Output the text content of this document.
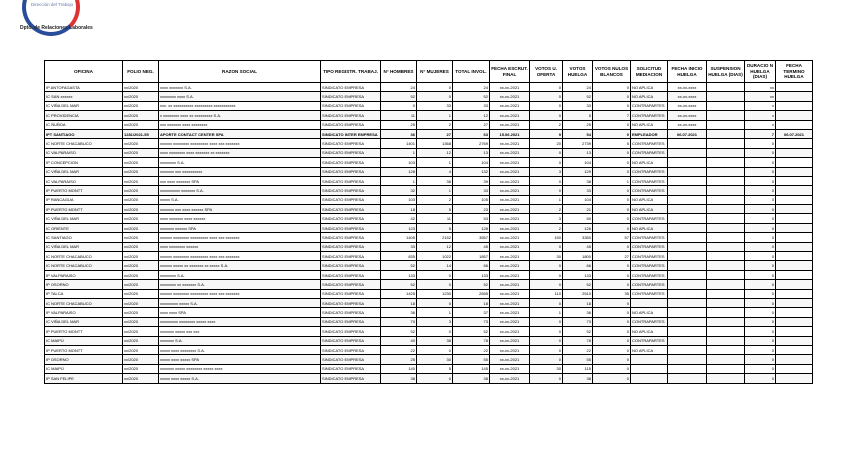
Dirección del Trabajo
Dpto. de Relaciones Laborales
OFICINA	FOLIO NEG.	RAZON SOCIAL	TIPO REGISTR. TRABAJ.	N° HOMBRES	N° MUJERES	TOTAL INVOL.	FECHA ESCRUT. FINAL	VOTOS U. OFERTA	VOTOS HUELGA	VOTOS NULOS BLANCOS	SOLICITUD MEDIACION	FECHA INICIO HUELGA	SUSPENSION HUELGA (DIAS)	DURACIO N HUELGA (DIAS)	FECHA TERMINO HUELGA
IP ANTOFAGASTA	xx/2020	xxxx xxxxxxx S.A.	SINDICATO EMPRESA	24	0	24	xx-xx-2021	0	24	0	NO APLICA	xx-xx-xxxx		xx	
IC SAN xxxxxx	xx/2020	xxxxxxxx xxxx S.A.	SINDICATO EMPRESA	52	0	52	xx-xx-2021	0	52	0	NO APLICA	xx-xx-xxxx		xx	
IC VIÑA DEL MAR	xx/2020	xxx. xx xxxxxxxxxx xxxxxxxxx xxxxxxxxxxx	SINDICATO EMPRESA	0	33	33	xx-xx-2021	0	33	0	CONTRAPARTES	xx-xx-xxxx		x	
IC PROVIDENCIA	xx/2020	x xxxxxxxx xxxx xx xxxxxxxxx S.A.	SINDICATO EMPRESA	11	1	12	xx-xx-2021	0	5	7	CONTRAPARTES	xx-xx-xxxx		x	
IC ÑUÑOA	xx/2020	xxx xxxxxxx xxxx xxxxxxxx	SINDICATO EMPRESA	25	2	27	xx-xx-2021	2	25	0	NO APLICA	xx-xx-xxxx		x	
IPT SANTIAGO	1281/2021-55	APORTE CONTACT CENTER SPA	SINDICATO INTER EMPRESA	36	27	63	15.06.2021	9	54	0	EMPLEADOR	06.07.2021		7	06.07.2021
IC NORTE CHACABUCO	xx/2020	xxxxxx xxxxxxxx xxxxxxxxx xxxx xxx xxxxxxx	SINDICATO EMPRESA	1401	1368	2769	xx-xx-2021	20	2739	5	CONTRAPARTES			0	
IC VALPARAISO	xx/2020	xxxx xxxxxxxx xxxx xxxxxxx xx xxxxxxx	SINDICATO EMPRESA	1	12	13	xx-xx-2021	0	13	0	CONTRAPARTES			0	
IP CONCEPCION	xx/2020	xxxxxxxx S.A.	SINDICATO EMPRESA	103	1	104	xx-xx-2021	0	104	0	NO APLICA			0	
IC VIÑA DEL MAR	xx/2020	xxxxxxx xxx xxxxxxxxxx	SINDICATO EMPRESA	128	4	132	xx-xx-2021	3	129	0	CONTRAPARTES			0	
IC VALPARAISO	xx/2020	xxx xxxx xxxxxxx SPA	SINDICATO EMPRESA	1	38	39	xx-xx-2021	0	38	1	CONTRAPARTES			0	
IP PUERTO MONTT	xx/2020	xxxxxxxxxx xxxxxxx S.A.	SINDICATO EMPRESA	32	1	33	xx-xx-2021	0	33	0	CONTRAPARTES			0	
IP RANCAGUA	xx/2020	xxxxx S.A.	SINDICATO EMPRESA	103	2	105	xx-xx-2021	1	104	0	NO APLICA			0	
IP PUERTO MONTT	xx/2020	xxxxxxx xxx xxxx xxxxxx SPA	SINDICATO EMPRESA	18	5	23	xx-xx-2021	2	21	0	NO APLICA			0	
IC VIÑA DEL MAR	xx/2020	xxxx xxxxxxx xxxx xxxxxx	SINDICATO EMPRESA	42	11	53	xx-xx-2021	3	50	0	CONTRAPARTES			0	
IC ORIENTE	xx/2020	xxxxxxx xxxxxx SPA	SINDICATO EMPRESA	123	5	128	xx-xx-2021	2	126	0	NO APLICA			0	
IC SANTIAGO	xx/2020	xxxxxx xxxxxxxx xxxxxxxxx xxxx xxx xxxxxxx	SINDICATO EMPRESA	1405	2152	3557	xx-xx-2021	150	3350	57	CONTRAPARTES			0	
IC VIÑA DEL MAR	xx/2020	xxxx xxxxxxxx xxxxxx	SINDICATO EMPRESA	33	12	45	xx-xx-2021	0	45	0	CONTRAPARTES			0	
IC NORTE CHACABUCO	xx/2020	xxxxxx xxxxxxxx xxxxxxxxx xxxx xxx xxxxxxx	SINDICATO EMPRESA	835	1022	1857	xx-xx-2021	30	1800	27	CONTRAPARTES			0	
IC NORTE CHACABUCO	xx/2020	xxxxxx xxxxx xx xxxxxxx xx xxxxx S.A.	SINDICATO EMPRESA	52	14	66	xx-xx-2021	0	66	0	CONTRAPARTES			0	
IP VALPARAISO	xx/2020	xxxxxxxx S.A.	SINDICATO EMPRESA	133	0	133	xx-xx-2021	0	133	0	CONTRAPARTES			0	
IP OSORNO	xx/2020	xxxxxxxx xx xxxxxxx S.A.	SINDICATO EMPRESA	52	0	52	xx-xx-2021	0	52	0	CONTRAPARTES			0	
IP TALCA	xx/2020	xxxxxx xxxxxxxx xxxxxxxxx xxxx xxx xxxxxxx	SINDICATO EMPRESA	1425	1230	2655	xx-xx-2021	110	2510	35	CONTRAPARTES			0	
IC NORTE CHACABUCO	xx/2020	xxxxxxxxx xxxxx S.A.	SINDICATO EMPRESA	18	0	18	xx-xx-2021	0	18	0				0	
IP VALPARAISO	xx/2020	xxxx xxxx SPA	SINDICATO EMPRESA	36	1	37	xx-xx-2021	1	36	0	NO APLICA			0	
IC VIÑA DEL MAR	xx/2020	xxxxxxxxx xxxxxxxx xxxxx xxxx	SINDICATO EMPRESA	70	3	73	xx-xx-2021	0	73	0	CONTRAPARTES			0	
IP PUERTO MONTT	xx/2020	xxxxxxx xxxxx xxx xxx	SINDICATO EMPRESA	52	0	52	xx-xx-2021	0	52	0	NO APLICA			0	
IC MAIPÚ	xx/2020	xxxxxxx S.A.	SINDICATO EMPRESA	40	38	78	xx-xx-2021	0	78	0	CONTRAPARTES			0	
IP PUERTO MONTT	xx/2020	xxxxx xxxx xxxxxxxx S.A.	SINDICATO EMPRESA	22	0	22	xx-xx-2021	0	22	0	NO APLICA			0	
IP OSORNO	xx/2020	xxxxx xxxx xxxxx SPA	SINDICATO EMPRESA	25	30	55	xx-xx-2021	0	55	0				0	
IC MAIPÚ	xx/2020	xxxxxxx xxxxx xxxxxxxx xxxxx xxxx	SINDICATO EMPRESA	140	5	145	xx-xx-2021	30	115	0				0	
IP SAN FELIPE	xx/2020	xxxxx xxxx xxxxx S.A.	SINDICATO EMPRESA	38	0	38	xx-xx-2021	0	38	0				0	
